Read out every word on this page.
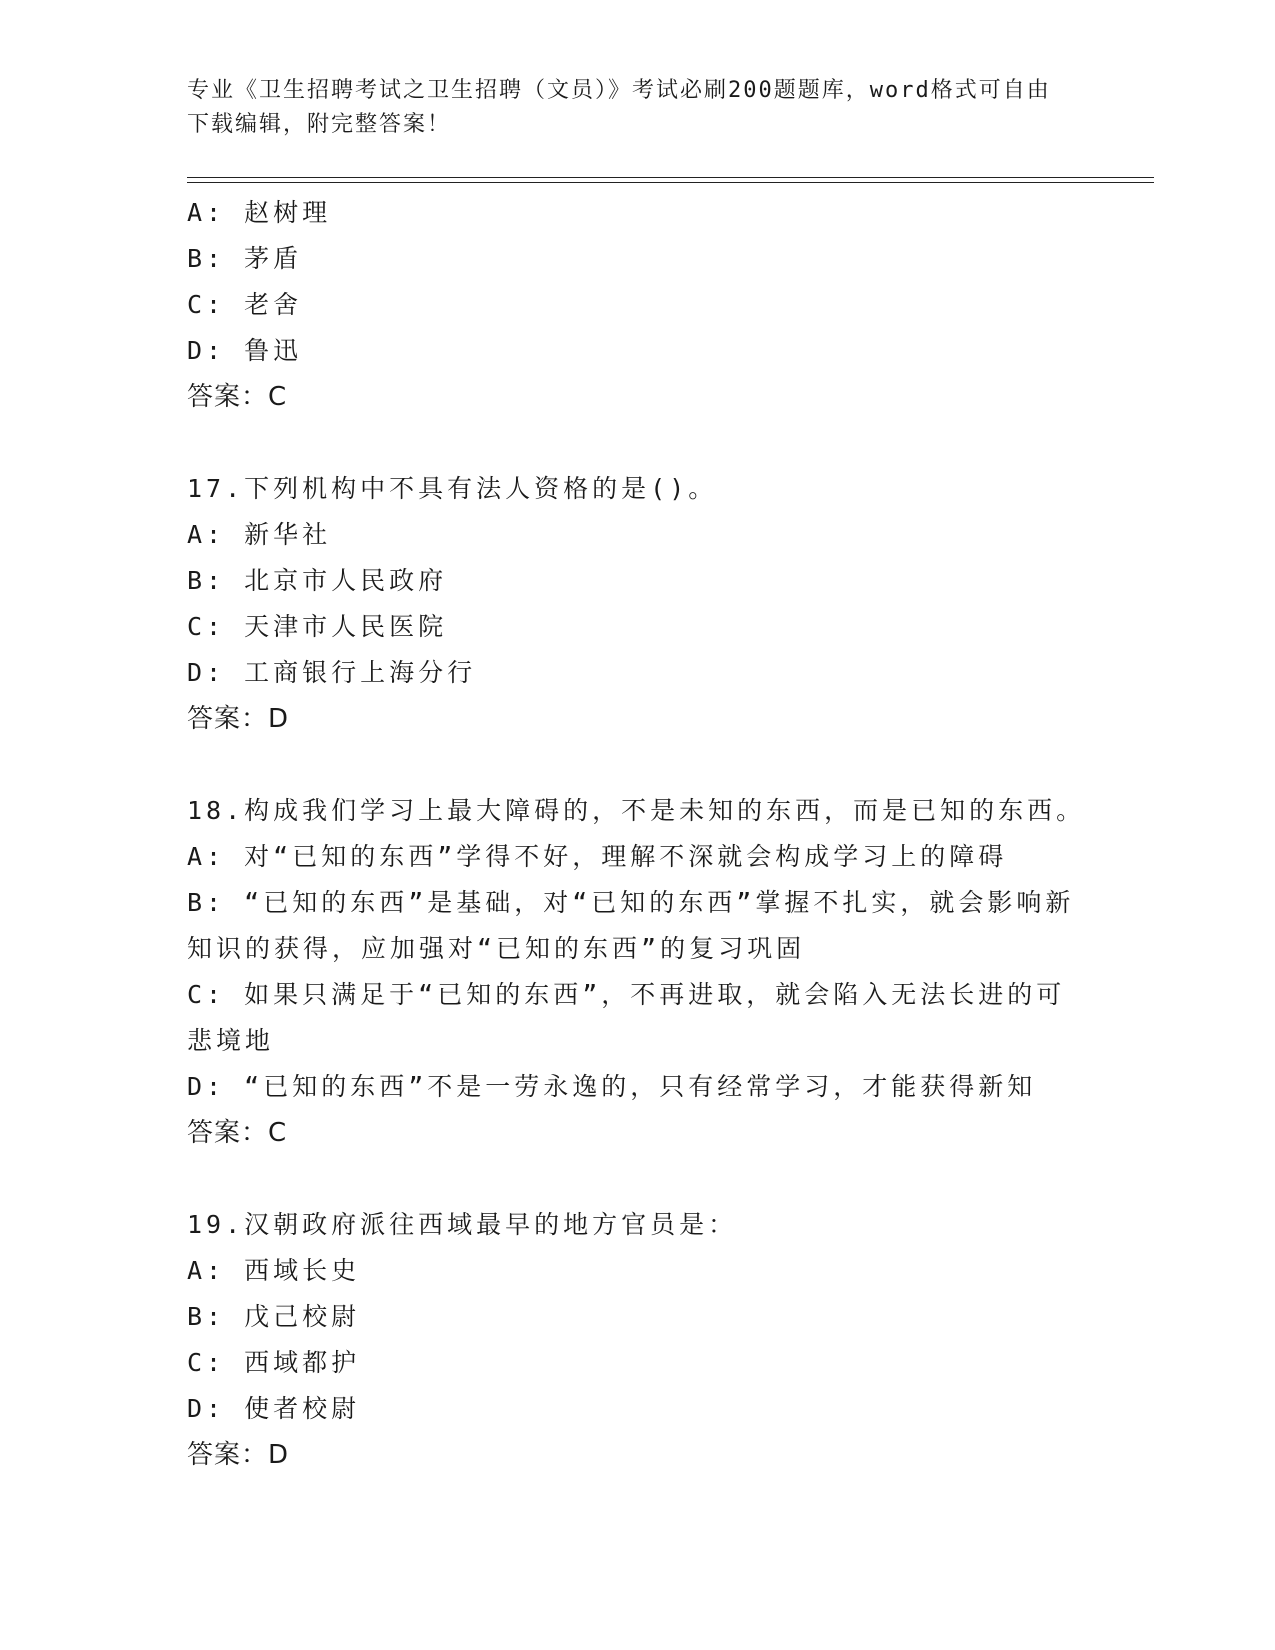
专业《卫生招聘考试之卫生招聘（文员）》考试必刷200题题库，word格式可自由下载编辑，附完整答案！
A: 赵树理
B: 茅盾
C: 老舍
D: 鲁迅
答案：C
17.下列机构中不具有法人资格的是()。
A: 新华社
B: 北京市人民政府
C: 天津市人民医院
D: 工商银行上海分行
答案：D
18.构成我们学习上最大障碍的，不是未知的东西，而是已知的东西。
A: 对“已知的东西”学得不好，理解不深就会构成学习上的障碍
B: “已知的东西”是基础，对“已知的东西”掌握不扎实，就会影响新知识的获得，应加强对“已知的东西”的复习巩固
C: 如果只满足于“已知的东西”，不再进取，就会陷入无法长进的可悲境地
D: “已知的东西”不是一劳永逸的，只有经常学习，才能获得新知
答案：C
19.汉朝政府派往西域最早的地方官员是：
A: 西域长史
B: 戊己校尉
C: 西域都护
D: 使者校尉
答案：D
